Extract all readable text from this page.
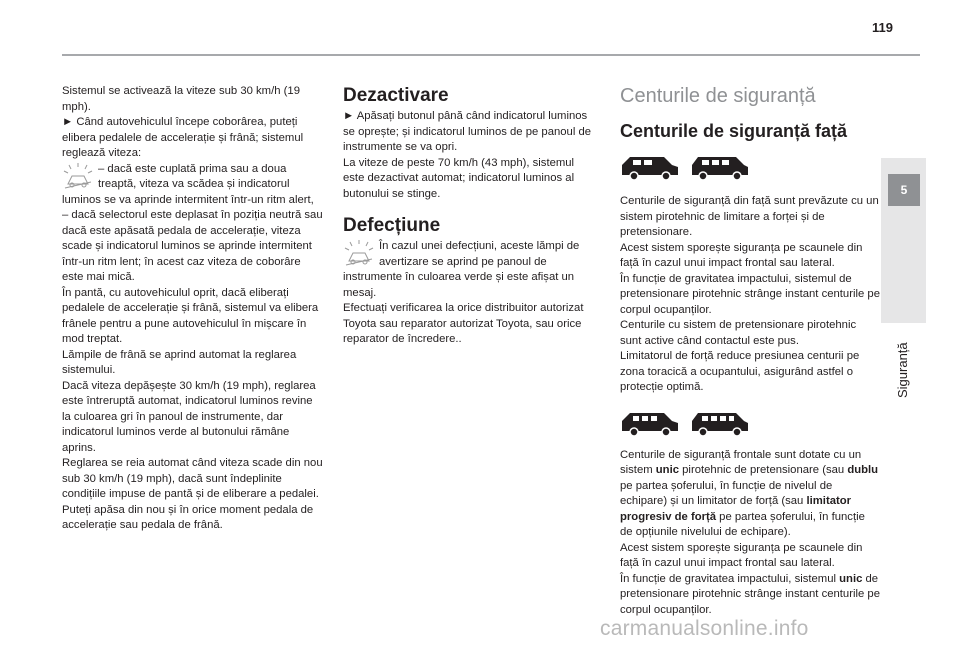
119
5
Siguranță

Sistemul se activează la viteze sub 30 km/h (19 mph).

► Când autovehiculul începe coborârea, puteți elibera pedalele de accelerație și frână; sistemul reglează viteza:

– dacă este cuplată prima sau a doua treaptă, viteza va scădea și indicatorul luminos se va aprinde intermitent într-un ritm alert,

– dacă selectorul este deplasat în poziția neutră sau dacă este apăsată pedala de accelerație, viteza scade și indicatorul luminos se aprinde intermitent într-un ritm lent; în acest caz viteza de coborâre este mai mică.

În pantă, cu autovehiculul oprit, dacă eliberați pedalele de accelerație și frână, sistemul va elibera frânele pentru a pune autovehiculul în mișcare în mod treptat.

Lămpile de frână se aprind automat la reglarea sistemului.

Dacă viteza depășește 30 km/h (19 mph), reglarea este întreruptă automat, indicatorul luminos revine la culoarea gri în panoul de instrumente, dar indicatorul luminos verde al butonului rămâne aprins.

Reglarea se reia automat când viteza scade din nou sub 30 km/h (19 mph), dacă sunt îndeplinite condițiile impuse de pantă și de eliberare a pedalei.

Puteți apăsa din nou și în orice moment pedala de accelerație sau pedala de frână.

Dezactivare

► Apăsați butonul până când indicatorul luminos se oprește; și indicatorul luminos de pe panoul de instrumente se va opri.

La viteze de peste 70 km/h (43 mph), sistemul este dezactivat automat; indicatorul luminos al butonului se stinge.

Defecțiune

În cazul unei defecțiuni, aceste lămpi de avertizare se aprind pe panoul de instrumente în culoarea verde și este afișat un mesaj.

Efectuați verificarea la orice distribuitor autorizat Toyota sau reparator autorizat Toyota, sau orice reparator de încredere..

Centurile de siguranță
Centurile de siguranță față

Centurile de siguranță din față sunt prevăzute cu un sistem pirotehnic de limitare a forței și de pretensionare.

Acest sistem sporește siguranța pe scaunele din față în cazul unui impact frontal sau lateral.

În funcție de gravitatea impactului, sistemul de pretensionare pirotehnic strânge instant centurile pe corpul ocupanților.

Centurile cu sistem de pretensionare pirotehnic sunt active când contactul este pus.

Limitatorul de forță reduce presiunea centurii pe zona toracică a ocupantului, asigurând astfel o protecție optimă.

Centurile de siguranță frontale sunt dotate cu un sistem unic pirotehnic de pretensionare (sau dublu pe partea șoferului, în funcție de nivelul de echipare) și un limitator de forță (sau limitator progresiv de forță pe partea șoferului, în funcție de opțiunile nivelului de echipare).

Acest sistem sporește siguranța pe scaunele din față în cazul unui impact frontal sau lateral.

În funcție de gravitatea impactului, sistemul unic de pretensionare pirotehnic strânge instant centurile pe corpul ocupanților.

carmanualsonline.info
